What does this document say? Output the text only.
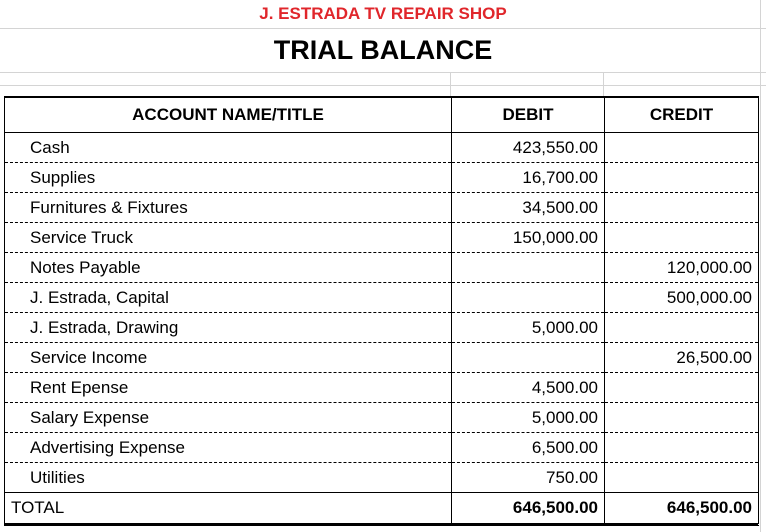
J. ESTRADA TV REPAIR SHOP
TRIAL BALANCE
ACCOUNT NAME/TITLE	DEBIT	CREDIT
Cash	423,550.00	
Supplies	16,700.00	
Furnitures & Fixtures	34,500.00	
Service Truck	150,000.00	
Notes Payable		120,000.00
J. Estrada, Capital		500,000.00
J. Estrada, Drawing	5,000.00	
Service Income		26,500.00
Rent Epense	4,500.00	
Salary Expense	5,000.00	
Advertising Expense	6,500.00	
Utilities	750.00	
TOTAL	646,500.00	646,500.00
